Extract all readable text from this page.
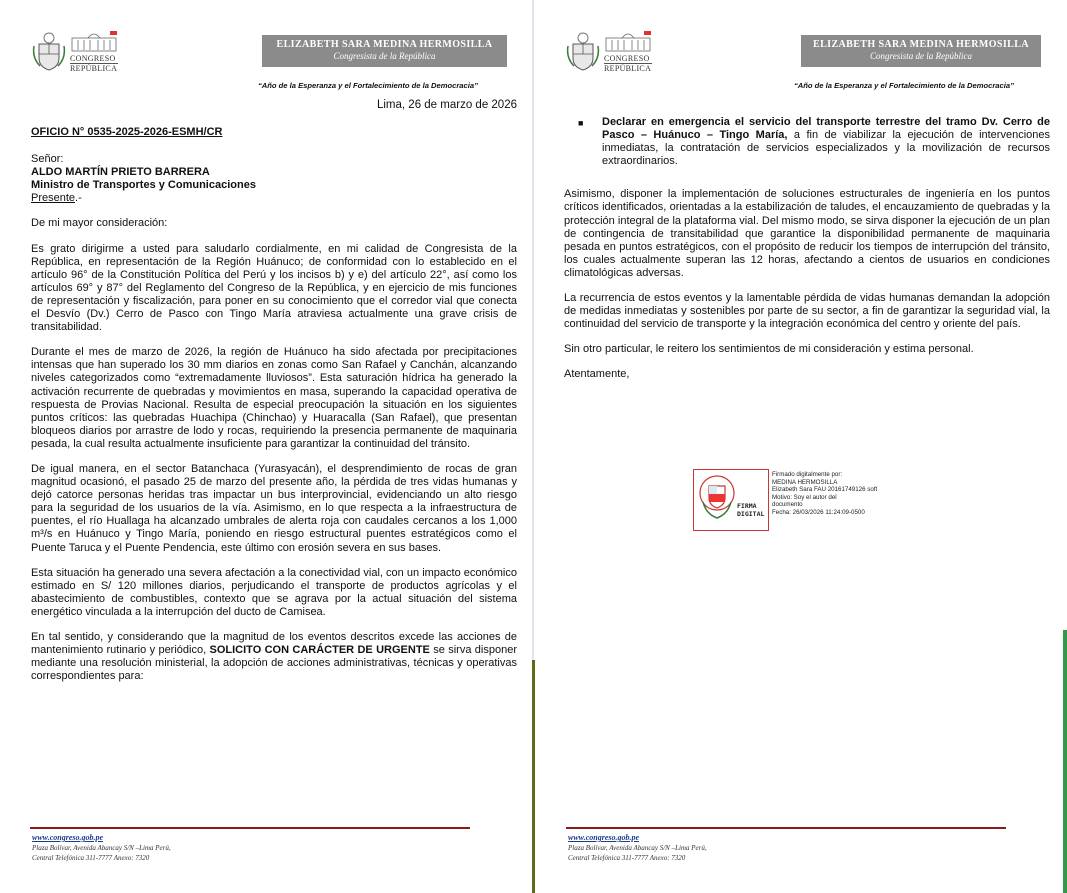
CONGRESO
REPÚBLICA
ELIZABETH SARA MEDINA HERMOSILLA
Congresista de la República
“Año de la Esperanza y el Fortalecimiento de la Democracia”
Lima, 26 de marzo de 2026

OFICIO N° 0535-2025-2026-ESMH/CR

Señor:
ALDO MARTÍN PRIETO BARRERA
Ministro de Transportes y Comunicaciones
Presente.-

De mi mayor consideración:

Es grato dirigirme a usted para saludarlo cordialmente, en mi calidad de Congresista de la República, en representación de la Región Huánuco; de conformidad con lo establecido en el artículo 96° de la Constitución Política del Perú y los incisos b) y e) del artículo 22°, así como los artículos 69° y 87° del Reglamento del Congreso de la República, y en ejercicio de mis funciones de representación y fiscalización, para poner en su conocimiento que el corredor vial que conecta el Desvío (Dv.) Cerro de Pasco con Tingo María atraviesa actualmente una grave crisis de transitabilidad.

Durante el mes de marzo de 2026, la región de Huánuco ha sido afectada por precipitaciones intensas que han superado los 30 mm diarios en zonas como San Rafael y Canchán, alcanzando niveles categorizados como “extremadamente lluviosos”. Esta saturación hídrica ha generado la activación recurrente de quebradas y movimientos en masa, superando la capacidad operativa de respuesta de Provias Nacional. Resulta de especial preocupación la situación en los siguientes puntos críticos: las quebradas Huachipa (Chinchao) y Huaracalla (San Rafael), que presentan bloqueos diarios por arrastre de lodo y rocas, requiriendo la presencia permanente de maquinaria pesada, la cual resulta actualmente insuficiente para garantizar la continuidad del tránsito.

De igual manera, en el sector Batanchaca (Yurasyacán), el desprendimiento de rocas de gran magnitud ocasionó, el pasado 25 de marzo del presente año, la pérdida de tres vidas humanas y dejó catorce personas heridas tras impactar un bus interprovincial, evidenciando un alto riesgo para la seguridad de los usuarios de la vía. Asimismo, en lo que respecta a la infraestructura de puentes, el río Huallaga ha alcanzado umbrales de alerta roja con caudales cercanos a los 1,000 m³/s en Huánuco y Tingo María, poniendo en riesgo estructural puentes estratégicos como el Puente Taruca y el Puente Pendencia, este último con erosión severa en sus bases.

Esta situación ha generado una severa afectación a la conectividad vial, con un impacto económico estimado en S/ 120 millones diarios, perjudicando el transporte de productos agrícolas y el abastecimiento de combustibles, contexto que se agrava por la actual situación del sistema energético vinculada a la interrupción del ducto de Camisea.

En tal sentido, y considerando que la magnitud de los eventos descritos excede las acciones de mantenimiento rutinario y periódico, SOLICITO CON CARÁCTER DE URGENTE se sirva disponer mediante una resolución ministerial, la adopción de acciones administrativas, técnicas y operativas correspondientes para:

www.congreso.gob.pe
Plaza Bolívar, Avenida Abancay S/N –Lima Perú,
Central Telefónica 311-7777 Anexo: 7320
CONGRESO
REPÚBLICA
ELIZABETH SARA MEDINA HERMOSILLA
Congresista de la República
“Año de la Esperanza y el Fortalecimiento de la Democracia”
■	Declarar en emergencia el servicio del transporte terrestre del tramo Dv. Cerro de Pasco – Huánuco – Tingo María, a fin de viabilizar la ejecución de intervenciones inmediatas, la contratación de servicios especializados y la movilización de recursos extraordinarios.

Asimismo, disponer la implementación de soluciones estructurales de ingeniería en los puntos críticos identificados, orientadas a la estabilización de taludes, el encauzamiento de quebradas y la protección integral de la plataforma vial. Del mismo modo, se sirva disponer la ejecución de un plan de contingencia de transitabilidad que garantice la disponibilidad permanente de maquinaria pesada en puntos estratégicos, con el propósito de reducir los tiempos de interrupción del tránsito, los cuales actualmente superan las 12 horas, afectando a cientos de usuarios en condiciones climatológicas adversas.

La recurrencia de estos eventos y la lamentable pérdida de vidas humanas demandan la adopción de medidas inmediatas y sostenibles por parte de su sector, a fin de garantizar la seguridad vial, la continuidad del servicio de transporte y la integración económica del centro y oriente del país.

Sin otro particular, le reitero los sentimientos de mi consideración y estima personal.

Atentamente,

FIRMA
DIGITAL
Firmado digitalmente por:
MEDINA HERMOSILLA
Elizabeth Sara FAU 20161749126 soft
Motivo: Soy el autor del
documento
Fecha: 26/03/2026 11:24:09-0500
www.congreso.gob.pe
Plaza Bolívar, Avenida Abancay S/N –Lima Perú,
Central Telefónica 311-7777 Anexo: 7320
